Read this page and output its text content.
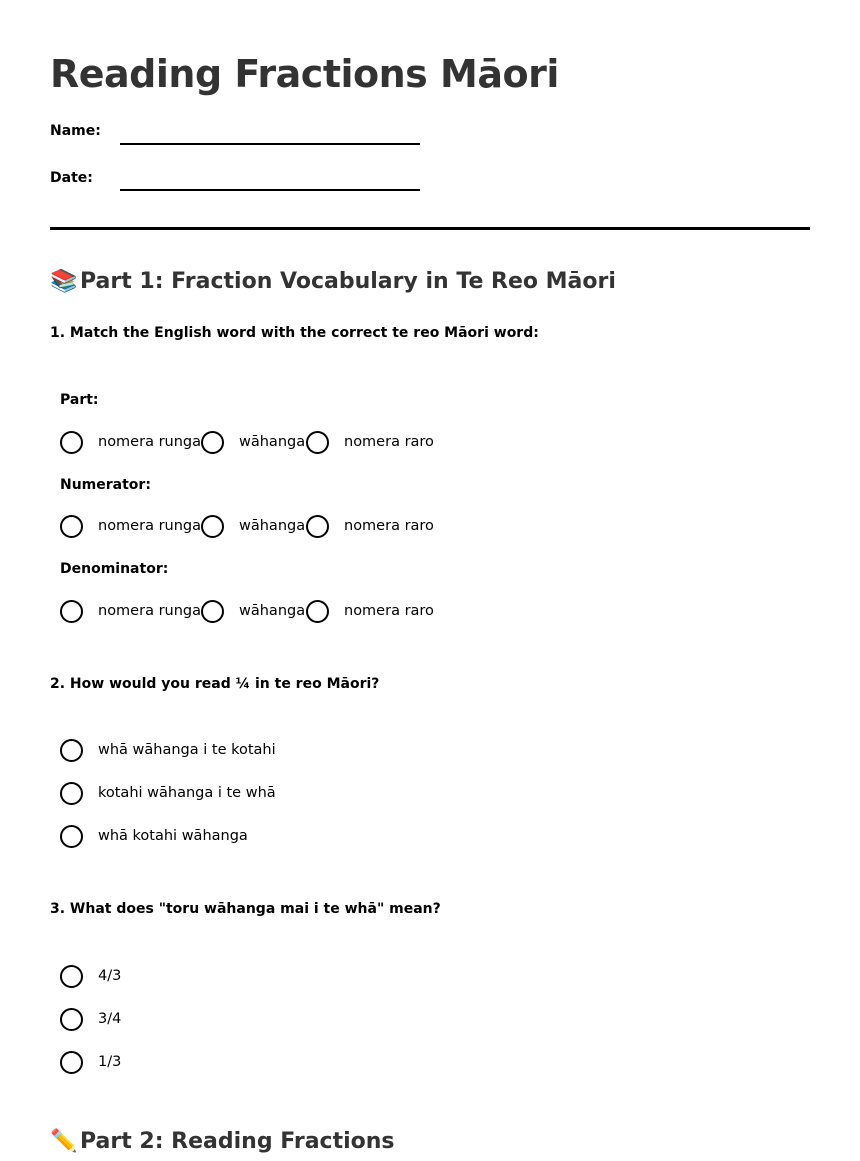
Reading Fractions Māori
Name:
Date:
📚 Part 1: Fraction Vocabulary in Te Reo Māori
1. Match the English word with the correct te reo Māori word:
Part:
nomera runga	wāhanga	nomera raro
Numerator:
nomera runga	wāhanga	nomera raro
Denominator:
nomera runga	wāhanga	nomera raro
2. How would you read ¼ in te reo Māori?
whā wāhanga i te kotahi
kotahi wāhanga i te whā
whā kotahi wāhanga
3. What does "toru wāhanga mai i te whā" mean?
4/3
3/4
1/3
✏️ Part 2: Reading Fractions
